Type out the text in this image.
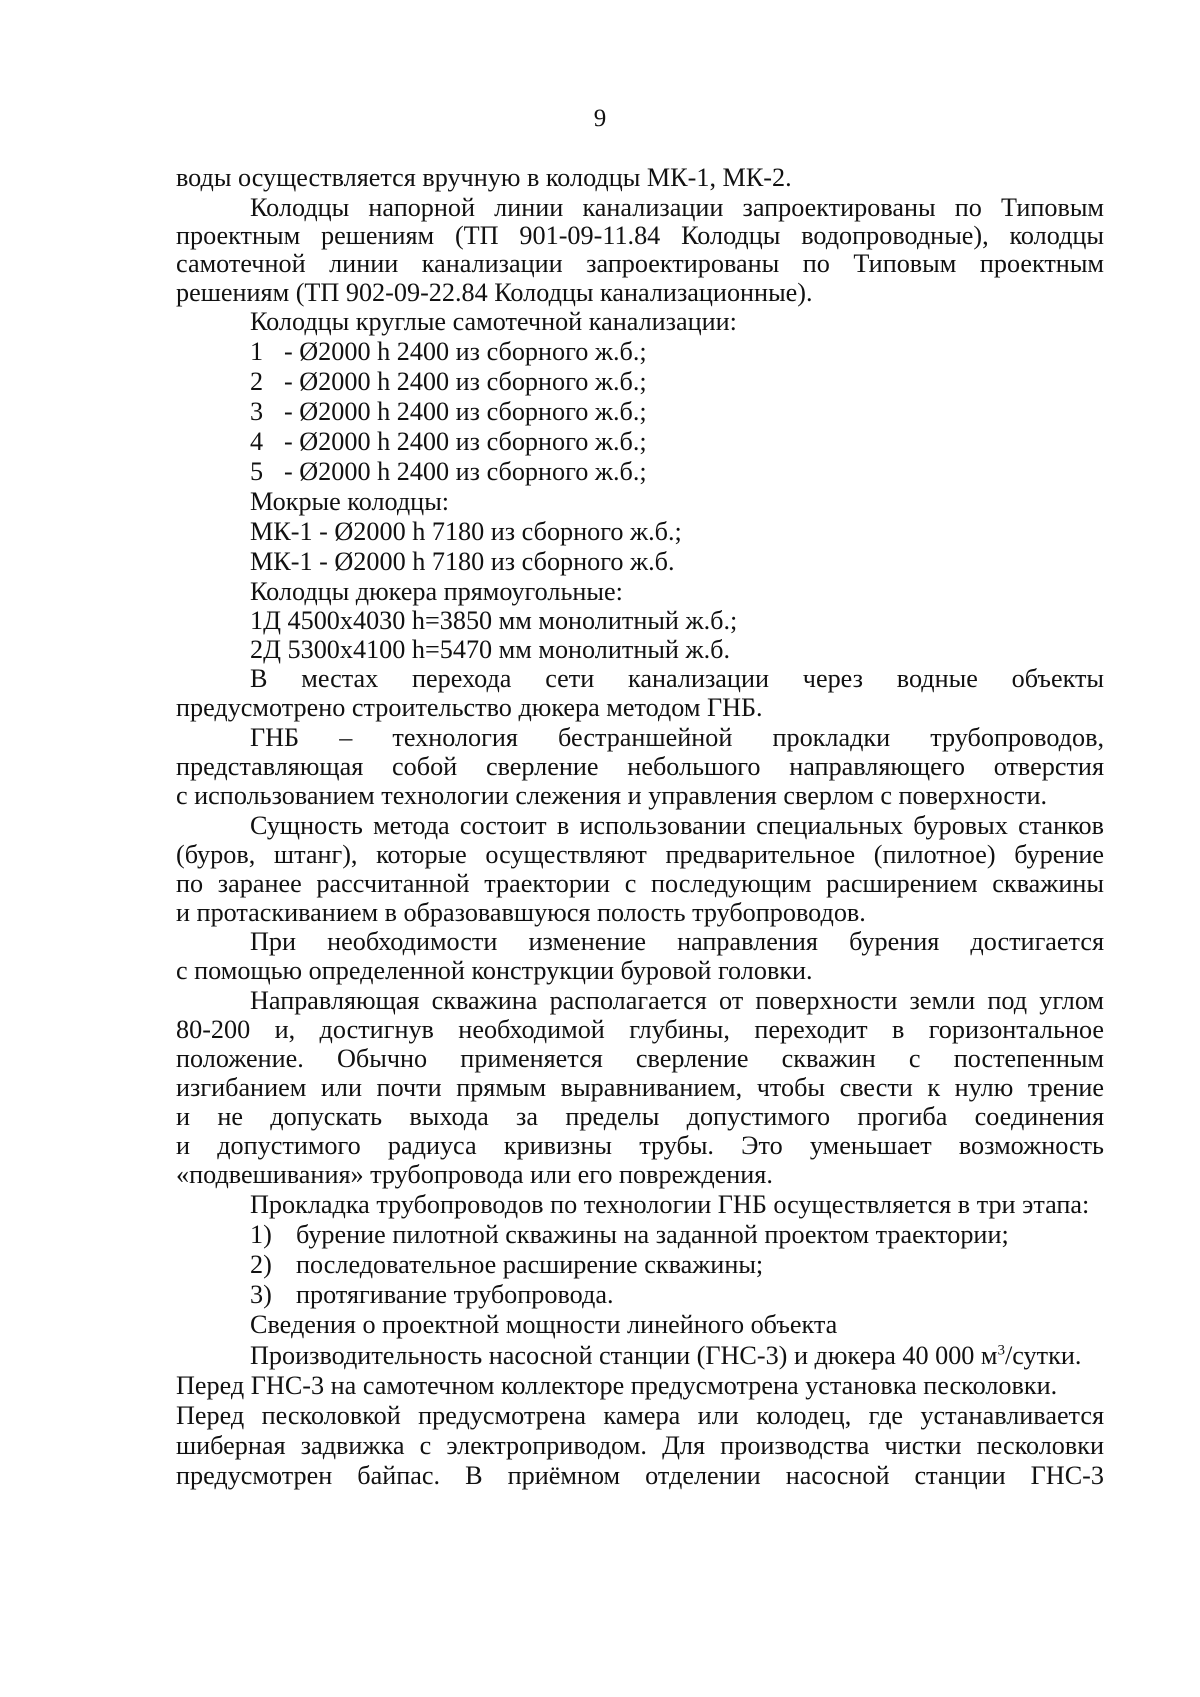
9
воды осуществляется вручную в колодцы МК-1, МК-2.
Колодцы напорной линии канализации запроектированы по Типовым
проектным решениям (ТП 901-09-11.84 Колодцы водопроводные), колодцы
самотечной линии канализации запроектированы по Типовым проектным
решениям (ТП 902-09-22.84 Колодцы канализационные).
Колодцы круглые самотечной канализации:
1 - Ø2000 h 2400 из сборного ж.б.;
2 - Ø2000 h 2400 из сборного ж.б.;
3 - Ø2000 h 2400 из сборного ж.б.;
4 - Ø2000 h 2400 из сборного ж.б.;
5 - Ø2000 h 2400 из сборного ж.б.;
Мокрые колодцы:
МК-1 - Ø2000 h 7180 из сборного ж.б.;
МК-1 - Ø2000 h 7180 из сборного ж.б.
Колодцы дюкера прямоугольные:
1Д 4500х4030 h=3850 мм монолитный ж.б.;
2Д 5300х4100 h=5470 мм монолитный ж.б.
В местах перехода сети канализации через водные объекты
предусмотрено строительство дюкера методом ГНБ.
ГНБ – технология бестраншейной прокладки трубопроводов,
представляющая собой сверление небольшого направляющего отверстия
с использованием технологии слежения и управления сверлом с поверхности.
Сущность метода состоит в использовании специальных буровых станков
(буров, штанг), которые осуществляют предварительное (пилотное) бурение
по заранее рассчитанной траектории с последующим расширением скважины
и протаскиванием в образовавшуюся полость трубопроводов.
При необходимости изменение направления бурения достигается
с помощью определенной конструкции буровой головки.
Направляющая скважина располагается от поверхности земли под углом
80-200 и, достигнув необходимой глубины, переходит в горизонтальное
положение. Обычно применяется сверление скважин с постепенным
изгибанием или почти прямым выравниванием, чтобы свести к нулю трение
и не допускать выхода за пределы допустимого прогиба соединения
и допустимого радиуса кривизны трубы. Это уменьшает возможность
«подвешивания» трубопровода или его повреждения.
Прокладка трубопроводов по технологии ГНБ осуществляется в три этапа:
1) бурение пилотной скважины на заданной проектом траектории;
2) последовательное расширение скважины;
3) протягивание трубопровода.
Сведения о проектной мощности линейного объекта
Производительность насосной станции (ГНС-3) и дюкера 40 000 $м^3$/сутки.
Перед ГНС-3 на самотечном коллекторе предусмотрена установка песколовки.
Перед песколовкой предусмотрена камера или колодец, где устанавливается
шиберная задвижка с электроприводом. Для производства чистки песколовки
предусмотрен байпас. В приёмном отделении насосной станции ГНС-3
